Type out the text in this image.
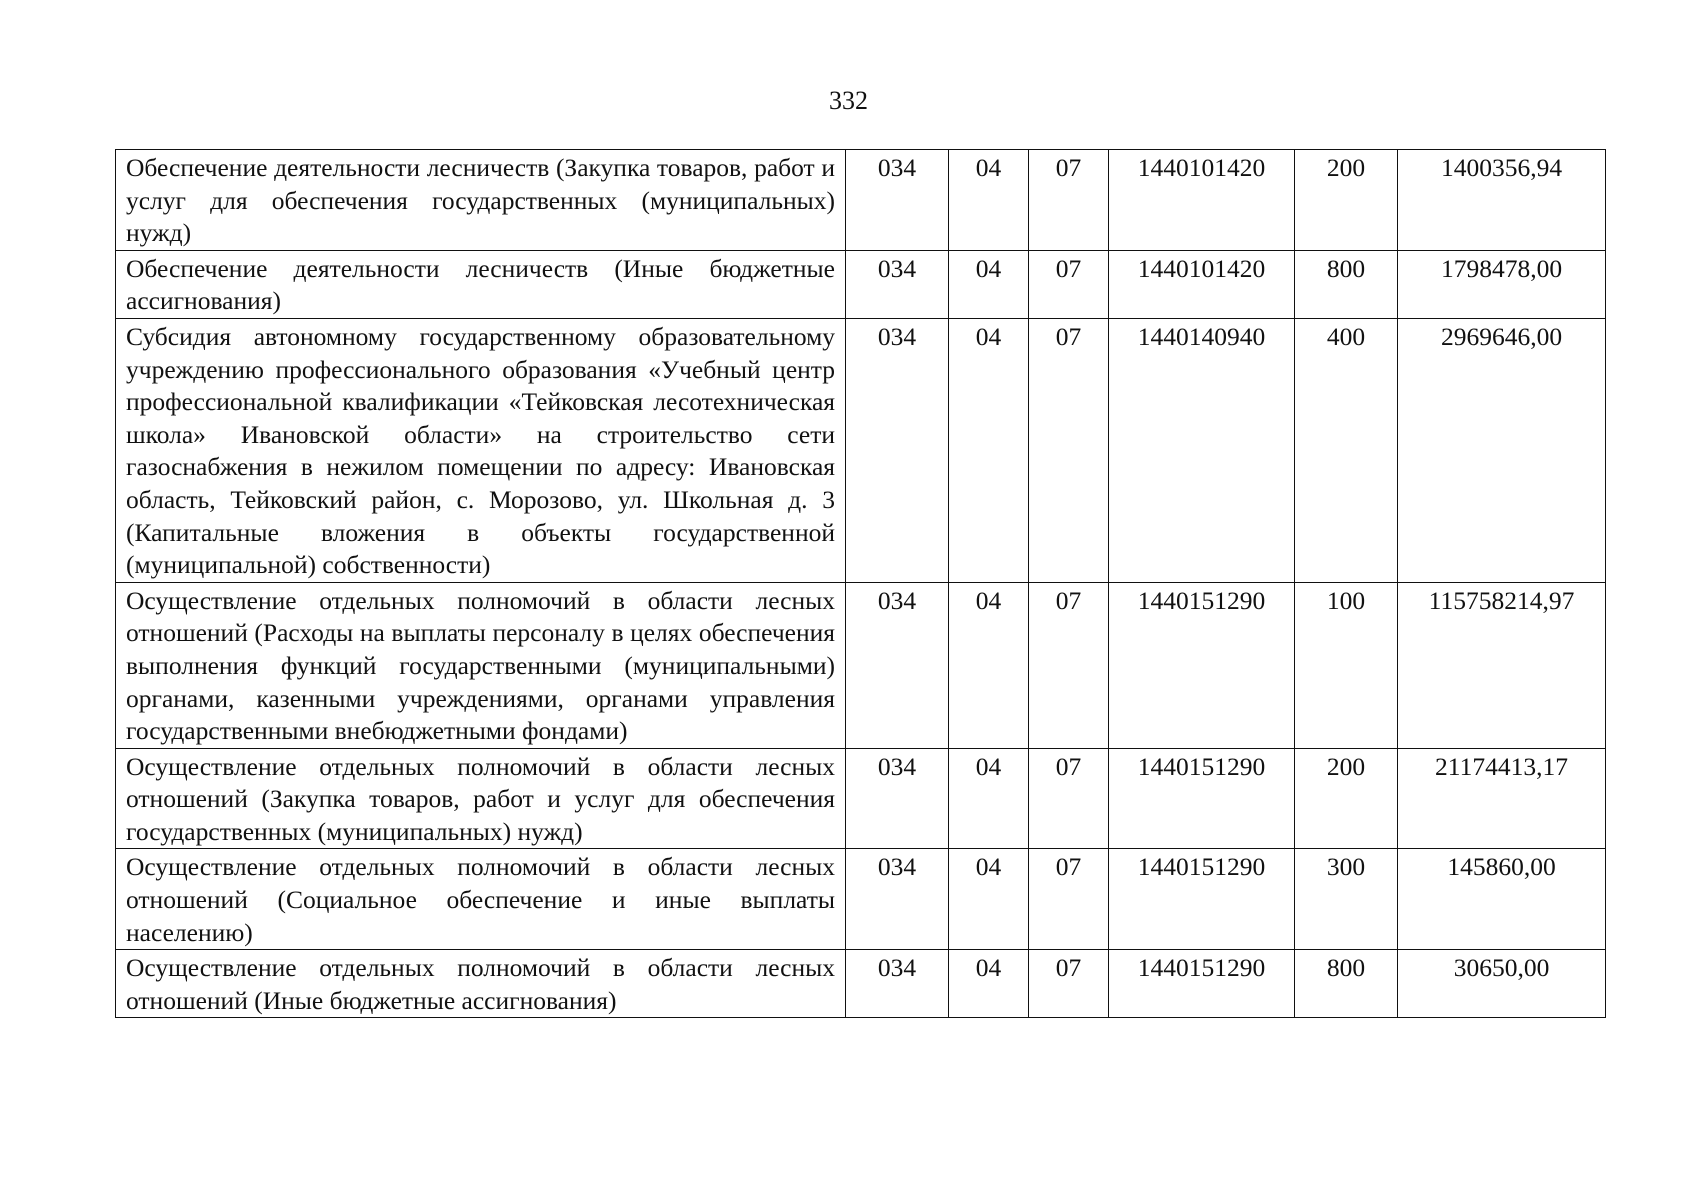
332
Обеспечение деятельности лесничеств (Закупка товаров, работ и услуг для обеспечения государственных (муниципальных) нужд)	034	04	07	1440101420	200	1400356,94
Обеспечение деятельности лесничеств (Иные бюджетные ассигнования)	034	04	07	1440101420	800	1798478,00
Субсидия автономному государственному образовательному учреждению профессионального образования «Учебный центр профессиональной квалификации «Тейковская лесотехническая школа» Ивановской области» на строительство сети газоснабжения в нежилом помещении по адресу: Ивановская область, Тейковский район, с. Морозово, ул. Школьная д. 3 (Капитальные вложения в объекты государственной (муниципальной) собственности)	034	04	07	1440140940	400	2969646,00
Осуществление отдельных полномочий в области лесных отношений (Расходы на выплаты персоналу в целях обеспечения выполнения функций государственными (муниципальными) органами, казенными учреждениями, органами управления государственными внебюджетными фондами)	034	04	07	1440151290	100	115758214,97
Осуществление отдельных полномочий в области лесных отношений (Закупка товаров, работ и услуг для обеспечения государственных (муниципальных) нужд)	034	04	07	1440151290	200	21174413,17
Осуществление отдельных полномочий в области лесных отношений (Социальное обеспечение и иные выплаты населению)	034	04	07	1440151290	300	145860,00
Осуществление отдельных полномочий в области лесных отношений (Иные бюджетные ассигнования)	034	04	07	1440151290	800	30650,00
